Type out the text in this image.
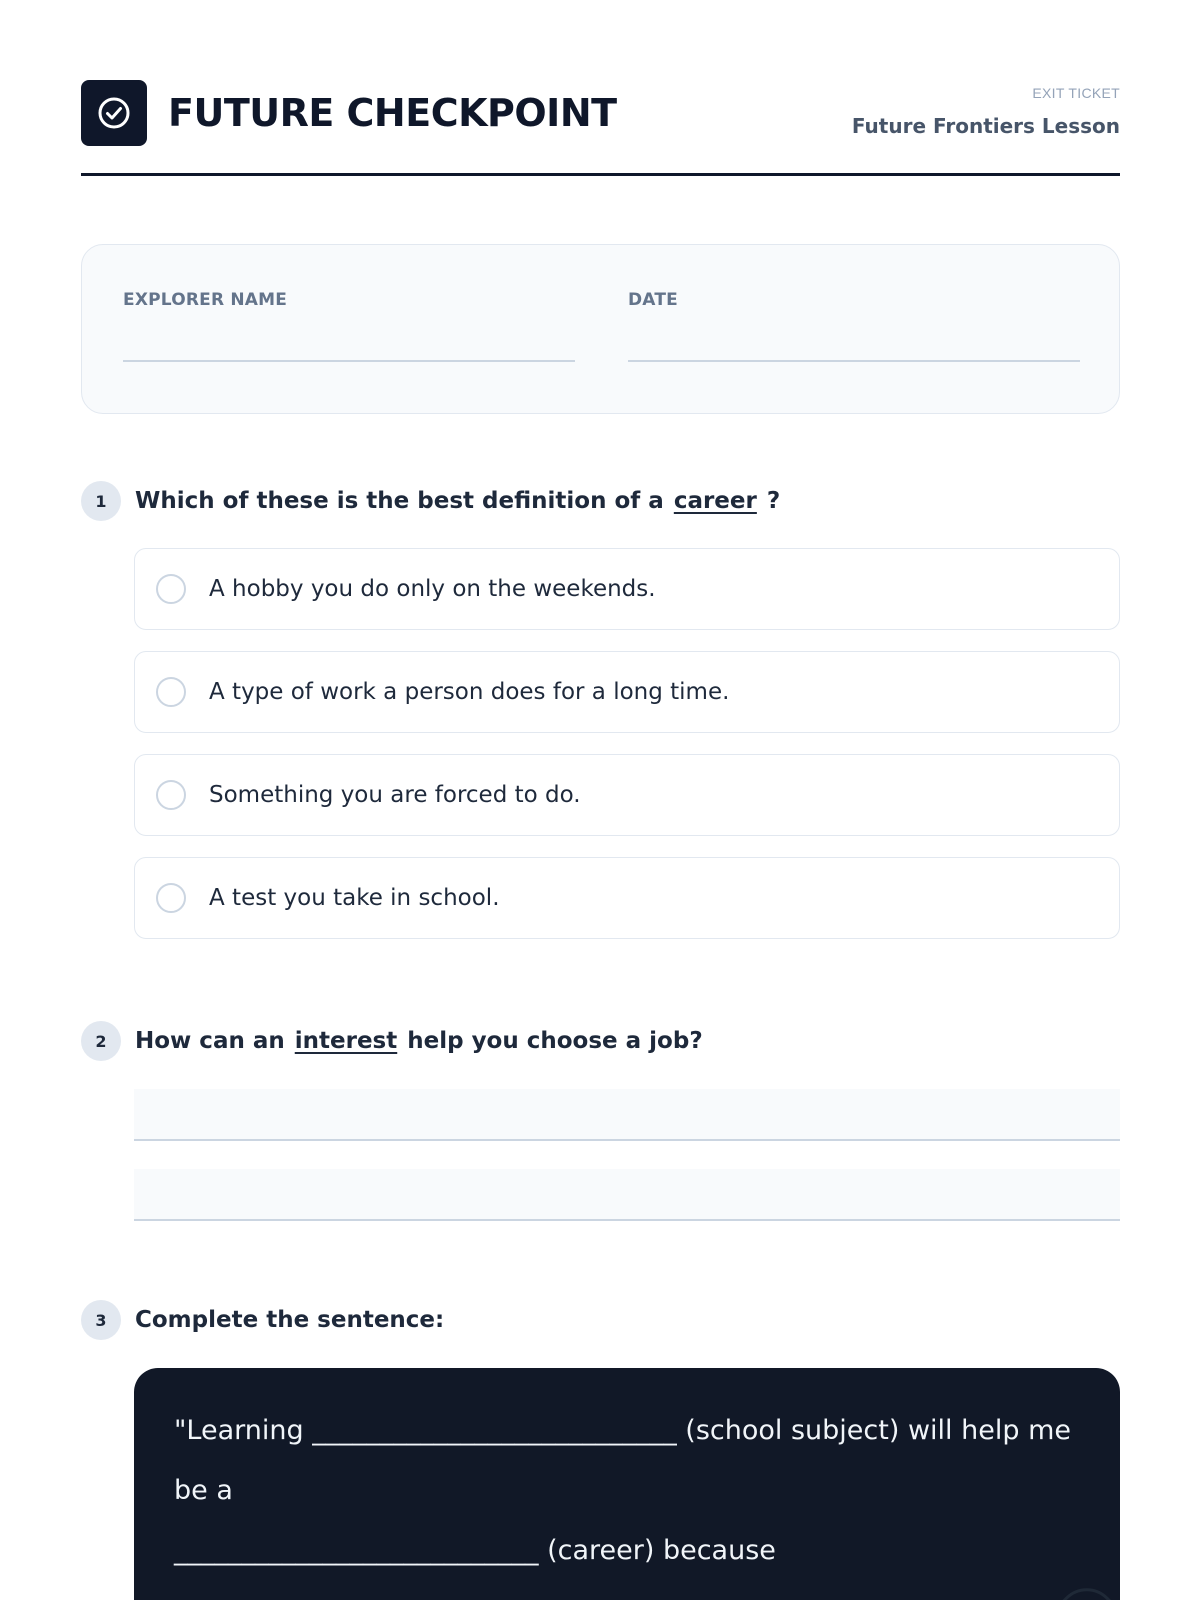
FUTURE CHECKPOINT	EXIT TICKET
Future Frontiers Lesson
EXPLORER NAME	DATE
1	Which of these is the best definition of a career ?
A hobby you do only on the weekends.
A type of work a person does for a long time.
Something you are forced to do.
A test you take in school.
2	How can an interest help you choose a job?
3	Complete the sentence:
"Learning ___________________________ (school subject) will help me be a
___________________________ (career) because
